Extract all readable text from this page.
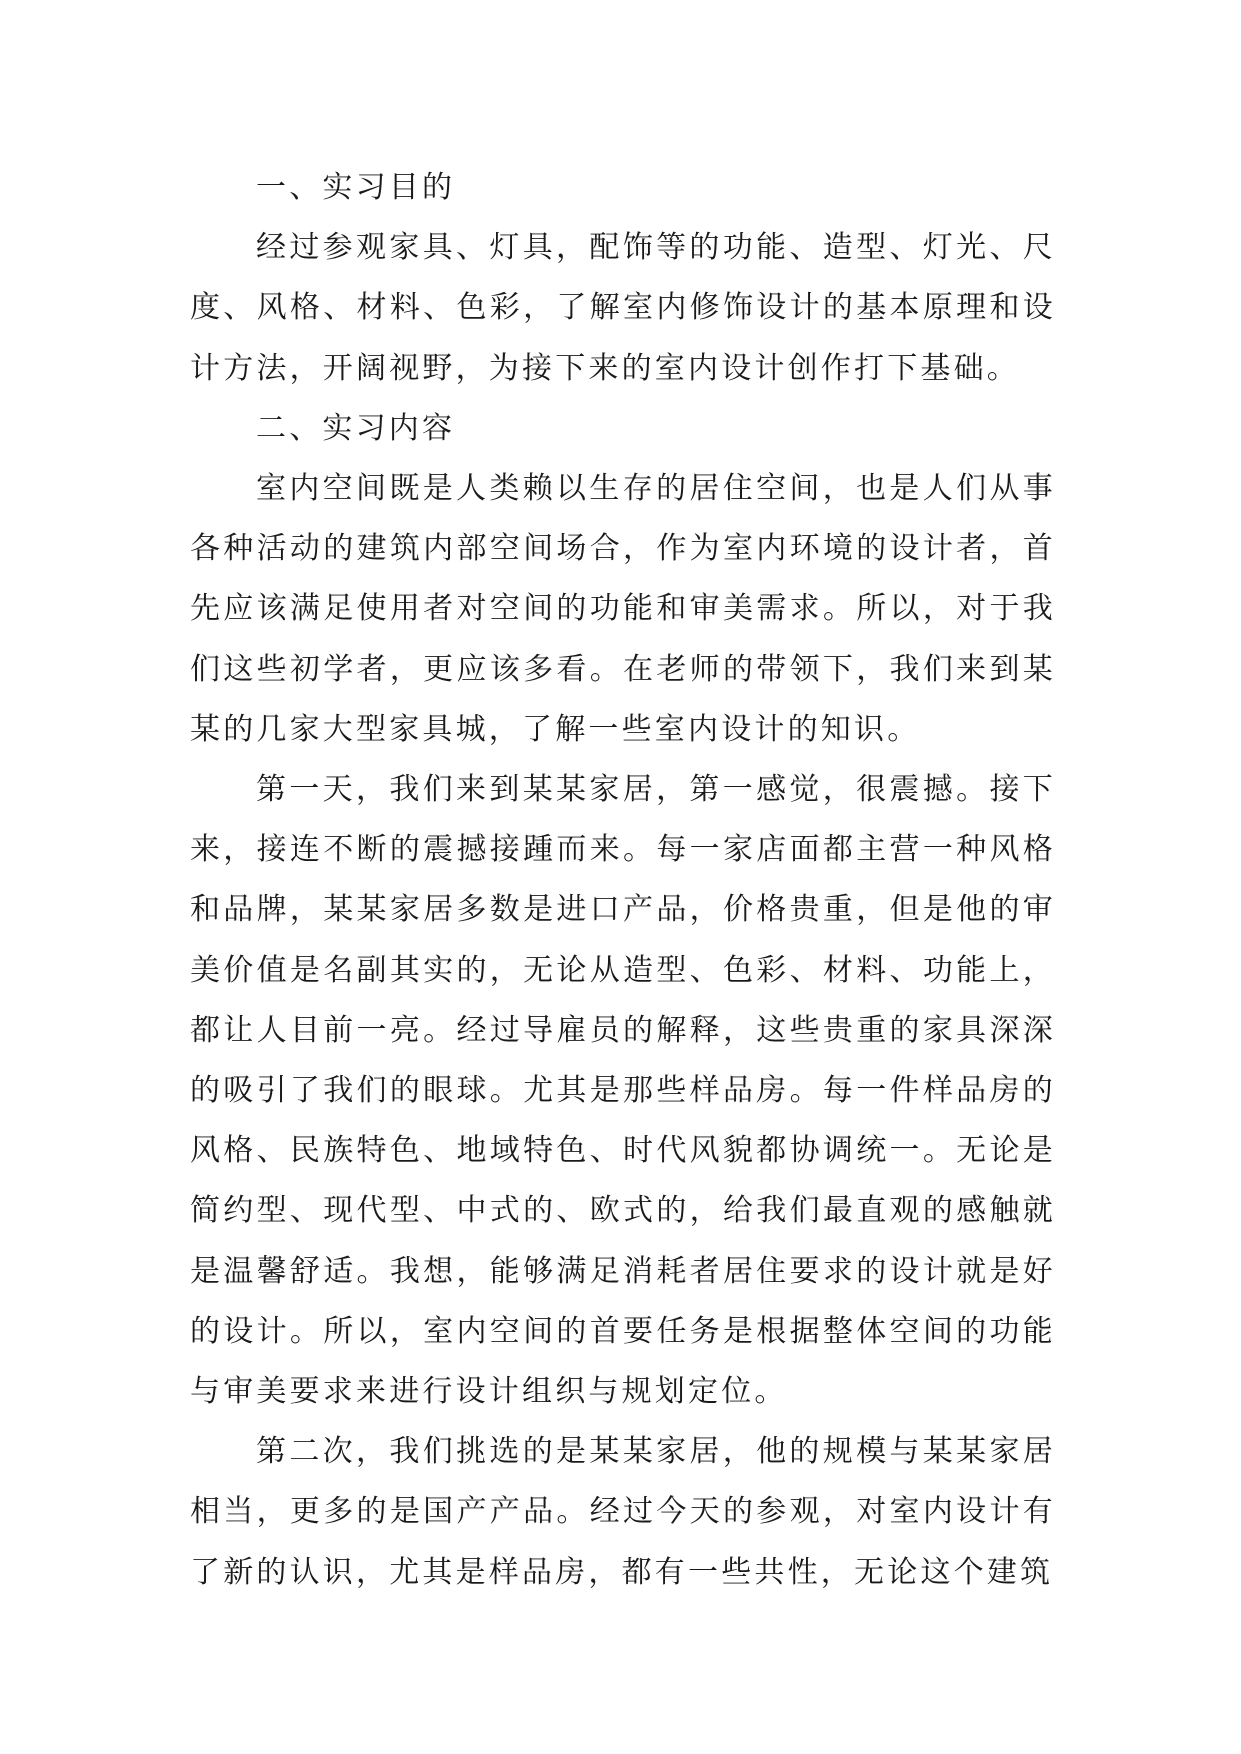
一、实习目的

经过参观家具、灯具，配饰等的功能、造型、灯光、尺度、风格、材料、色彩，了解室内修饰设计的基本原理和设计方法，开阔视野，为接下来的室内设计创作打下基础。

二、实习内容

室内空间既是人类赖以生存的居住空间，也是人们从事各种活动的建筑内部空间场合，作为室内环境的设计者，首先应该满足使用者对空间的功能和审美需求。所以，对于我们这些初学者，更应该多看。在老师的带领下，我们来到某某的几家大型家具城，了解一些室内设计的知识。

第一天，我们来到某某家居，第一感觉，很震撼。接下来，接连不断的震撼接踵而来。每一家店面都主营一种风格和品牌，某某家居多数是进口产品，价格贵重，但是他的审美价值是名副其实的，无论从造型、色彩、材料、功能上，都让人目前一亮。经过导雇员的解释，这些贵重的家具深深的吸引了我们的眼球。尤其是那些样品房。每一件样品房的风格、民族特色、地域特色、时代风貌都协调统一。无论是简约型、现代型、中式的、欧式的，给我们最直观的感触就是温馨舒适。我想，能够满足消耗者居住要求的设计就是好的设计。所以，室内空间的首要任务是根据整体空间的功能与审美要求来进行设计组织与规划定位。

第二次，我们挑选的是某某家居，他的规模与某某家居相当，更多的是国产产品。经过今天的参观，对室内设计有了新的认识，尤其是样品房，都有一些共性，无论这个建筑
